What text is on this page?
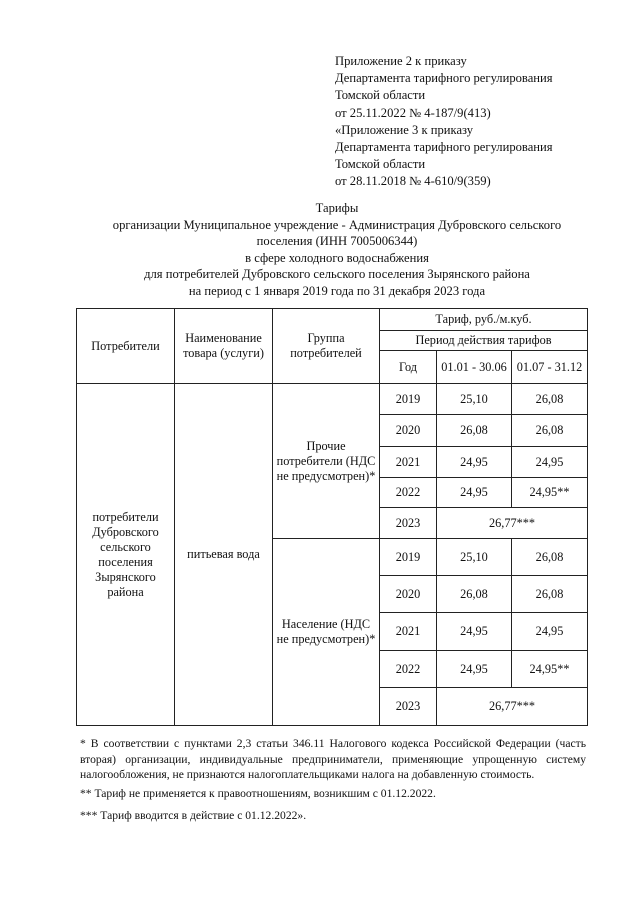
Приложение 2 к приказу
Департамента тарифного регулирования
Томской области
от 25.11.2022 № 4-187/9(413)
«Приложение 3 к приказу
Департамента тарифного регулирования
Томской области
от 28.11.2018 № 4-610/9(359)
Тарифы
организации Муниципальное учреждение - Администрация Дубровского сельского
поселения (ИНН 7005006344)
в сфере холодного водоснабжения
для потребителей Дубровского сельского поселения Зырянского района
на период с 1 января 2019 года по 31 декабря 2023 года
Потребители	Наименование товара (услуги)	Группа потребителей	Тариф, руб./м.куб.		
			Период действия тарифов		
			Год	01.01 - 30.06	01.07 - 31.12
потребители Дубровского сельского поселения Зырянского района	питьевая вода	Прочие потребители (НДС не предусмотрен)*	2019	25,10	26,08
			2020	26,08	26,08
			2021	24,95	24,95
			2022	24,95	24,95**
			2023	26,77***	
		Население (НДС не предусмотрен)*	2019	25,10	26,08
			2020	26,08	26,08
			2021	24,95	24,95
			2022	24,95	24,95**
			2023	26,77***	
* В соответствии с пунктами 2,3 статьи 346.11 Налогового кодекса Российской Федерации (часть вторая) организации, индивидуальные предприниматели, применяющие упрощенную систему налогообложения, не признаются налогоплательщиками налога на добавленную стоимость.
** Тариф не применяется к правоотношениям, возникшим с 01.12.2022.
*** Тариф вводится в действие с 01.12.2022».
